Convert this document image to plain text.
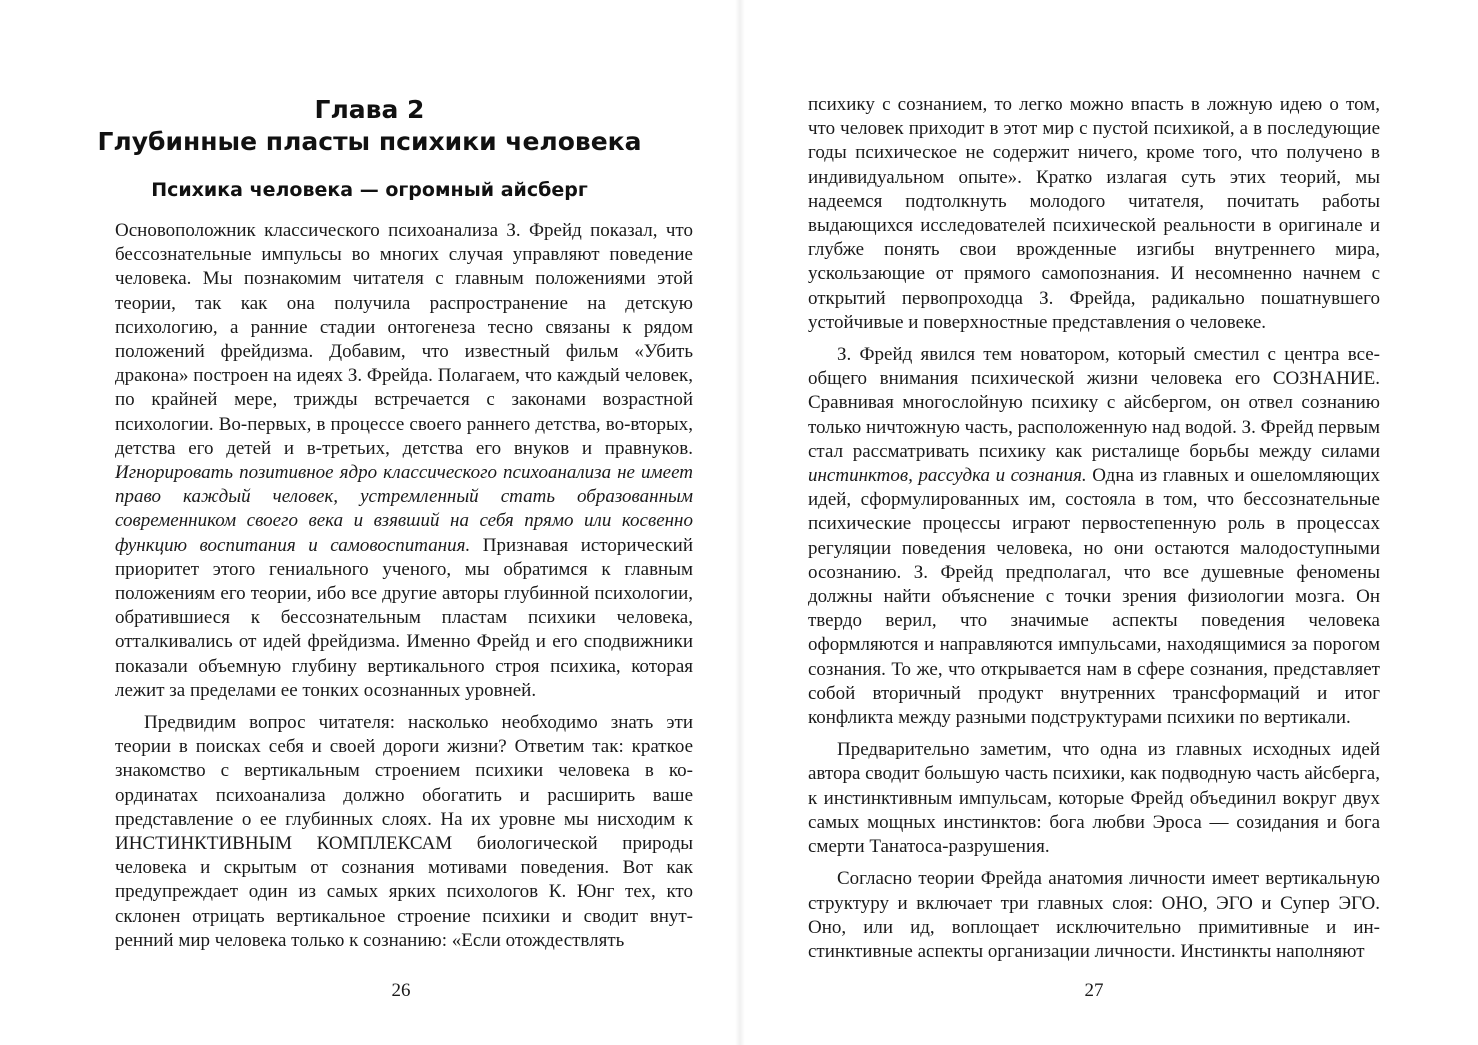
Глава 2
Глубинные пласты психики человека
Психика человека — огромный айсберг

Основоположник классического психоанализа З. Фрейд показал, что бессознательные импульсы во многих случая управляют поведение человека. Мы познакомим читателя с главным положениями этой теории, так как она получила распространение на детскую психологию, а ранние стадии онтогенеза тесно связаны к рядом положений фрейдизма. Добавим, что известный фильм «Убить дракона» построен на идеях З. Фрейда. Полагаем, что каждый человек, по крайней мере, трижды встречается с законами возрастной психологии. Во-первых, в процессе своего раннего детства, во-вторых, детства его детей и в-третьих, детства его внуков и правнуков. Игнорировать позитивное ядро классического психоанализа не имеет право каждый человек, устремленный стать образованным современником своего века и взявший на себя прямо или косвенно функцию воспитания и самовоспитания. Признавая исторический приоритет этого гениального ученого, мы обратимся к главным положениям его теории, ибо все другие авторы глубинной психологии, обратившиеся к бессознательным пластам психики человека, отталкивались от идей фрейдизма. Именно Фрейд и его сподвижники показали объемную глубину вертикального строя психика, которая лежит за пределами ее тонких осознанных уровней.

Предвидим вопрос читателя: насколько необходимо знать эти теории в поисках себя и своей дороги жизни? Ответим так: краткое знакомство с вертикальным строением психики человека в координатах психоанализа должно обогатить и расширить ваше представление о ее глубинных слоях. На их уровне мы нисходим к ИНСТИНКТИВНЫМ КОМПЛЕКСАМ биологической природы человека и скрытым от сознания мотивами поведения. Вот как предупреждает один из самых ярких психологов К. Юнг тех, кто склонен отрицать вертикальное строение психики и сводит внутренний мир человека только к сознанию: «Если отождествлять

26

психику с сознанием, то легко можно впасть в ложную идею о том, что человек приходит в этот мир с пустой психикой, а в последующие годы психическое не содержит ничего, кроме того, что получено в индивидуальном опыте». Кратко излагая суть этих теорий, мы надеемся подтолкнуть молодого читателя, почитать работы выдающихся исследователей психической реальности в оригинале и глубже понять свои врожденные изгибы внутреннего мира, ускользающие от прямого самопознания. И несомненно начнем с открытий первопроходца З. Фрейда, радикально пошатнувшего устойчивые и поверхностные представления о человеке.

З. Фрейд явился тем новатором, который сместил с центра всеобщего внимания психической жизни человека его СОЗНАНИЕ. Сравнивая многослойную психику с айсбергом, он отвел сознанию только ничтожную часть, расположенную над водой. З. Фрейд первым стал рассматривать психику как ристалище борьбы между силами инстинктов, рассудка и сознания. Одна из главных и ошеломляющих идей, сформулированных им, состояла в том, что бессознательные психические процессы играют первостепенную роль в процессах регуляции поведения человека, но они остаются малодоступными осознанию. З. Фрейд предполагал, что все душевные феномены должны найти объяснение с точки зрения физиологии мозга. Он твердо верил, что значимые аспекты поведения человека оформляются и направляются импульсами, находящимися за порогом сознания. То же, что открывается нам в сфере сознания, представляет собой вторичный продукт внутренних трансформаций и итог конфликта между разными подструктурами психики по вертикали.

Предварительно заметим, что одна из главных исходных идей автора сводит большую часть психики, как подводную часть айсберга, к инстинктивным импульсам, которые Фрейд объединил вокруг двух самых мощных инстинктов: бога любви Эроса — созидания и бога смерти Танатоса-разрушения.

Согласно теории Фрейда анатомия личности имеет вертикальную структуру и включает три главных слоя: ОНО, ЭГО и Супер ЭГО. Оно, или ид, воплощает исключительно примитивные и инстинктивные аспекты организации личности. Инстинкты наполняют

27
